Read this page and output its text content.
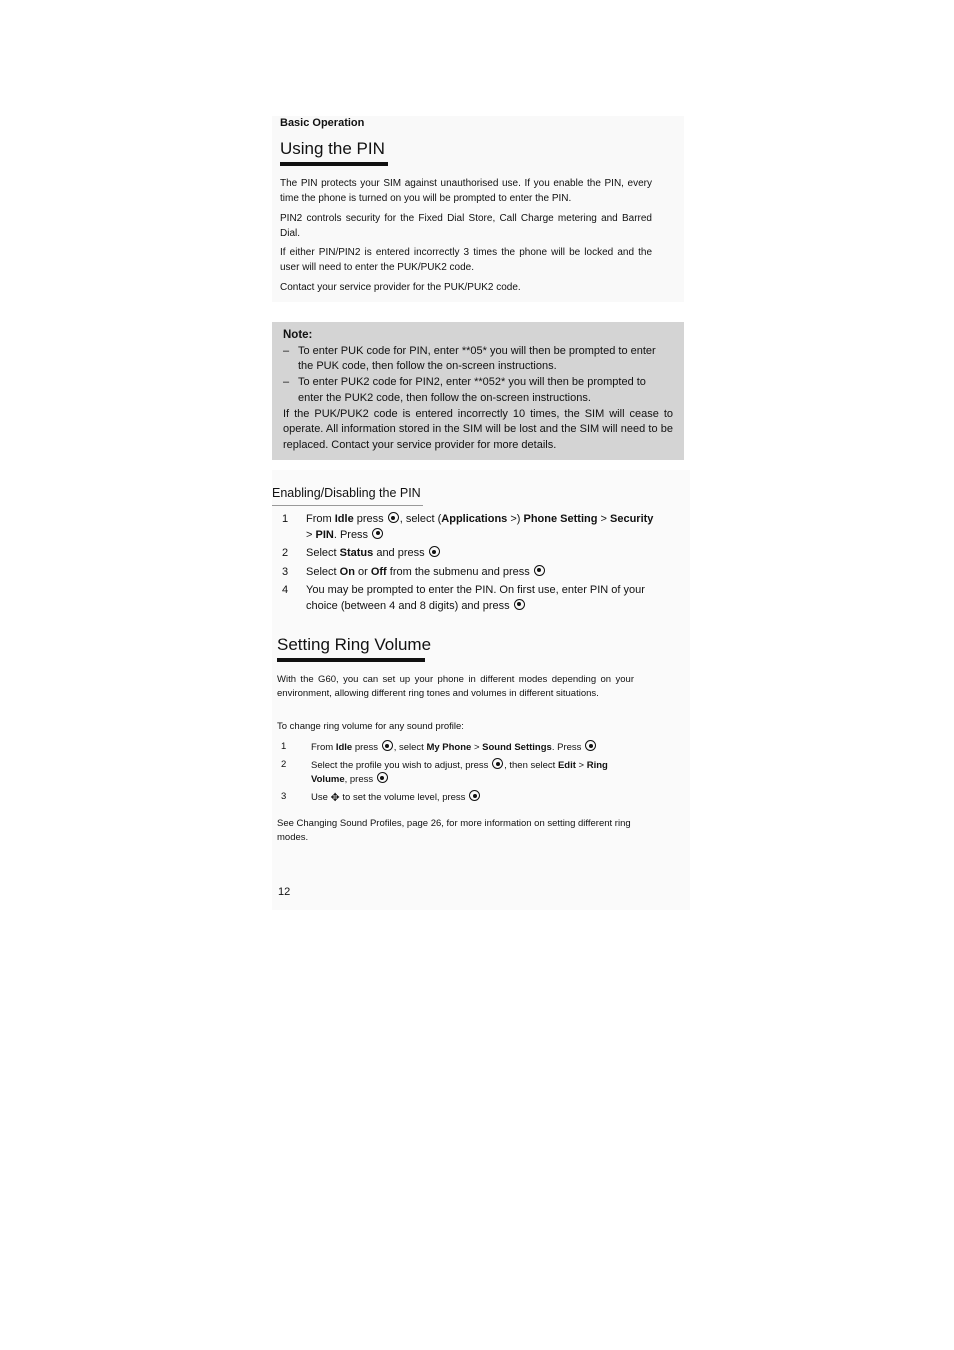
Basic Operation
Using the PIN
The PIN protects your SIM against unauthorised use. If you enable the PIN, every time the phone is turned on you will be prompted to enter the PIN.
PIN2 controls security for the Fixed Dial Store, Call Charge metering and Barred Dial.
If either PIN/PIN2 is entered incorrectly 3 times the phone will be locked and the user will need to enter the PUK/PUK2 code.
Contact your service provider for the PUK/PUK2 code.
Note:
– To enter PUK code for PIN, enter **05* you will then be prompted to enter the PUK code, then follow the on-screen instructions.
– To enter PUK2 code for PIN2, enter **052* you will then be prompted to enter the PUK2 code, then follow the on-screen instructions.
If the PUK/PUK2 code is entered incorrectly 10 times, the SIM will cease to operate. All information stored in the SIM will be lost and the SIM will need to be replaced. Contact your service provider for more details.
Enabling/Disabling the PIN
1 From Idle press , select (Applications >) Phone Setting > Security > PIN. Press
2 Select Status and press
3 Select On or Off from the submenu and press
4 You may be prompted to enter the PIN. On first use, enter PIN of your choice (between 4 and 8 digits) and press
Setting Ring Volume
With the G60, you can set up your phone in different modes depending on your environment, allowing different ring tones and volumes in different situations.
To change ring volume for any sound profile:
1	From Idle press , select My Phone > Sound Settings. Press
2	Select the profile you wish to adjust, press , then select Edit > Ring Volume, press
3	Use ✥ to set the volume level, press
See Changing Sound Profiles, page 26, for more information on setting different ring modes.
12
